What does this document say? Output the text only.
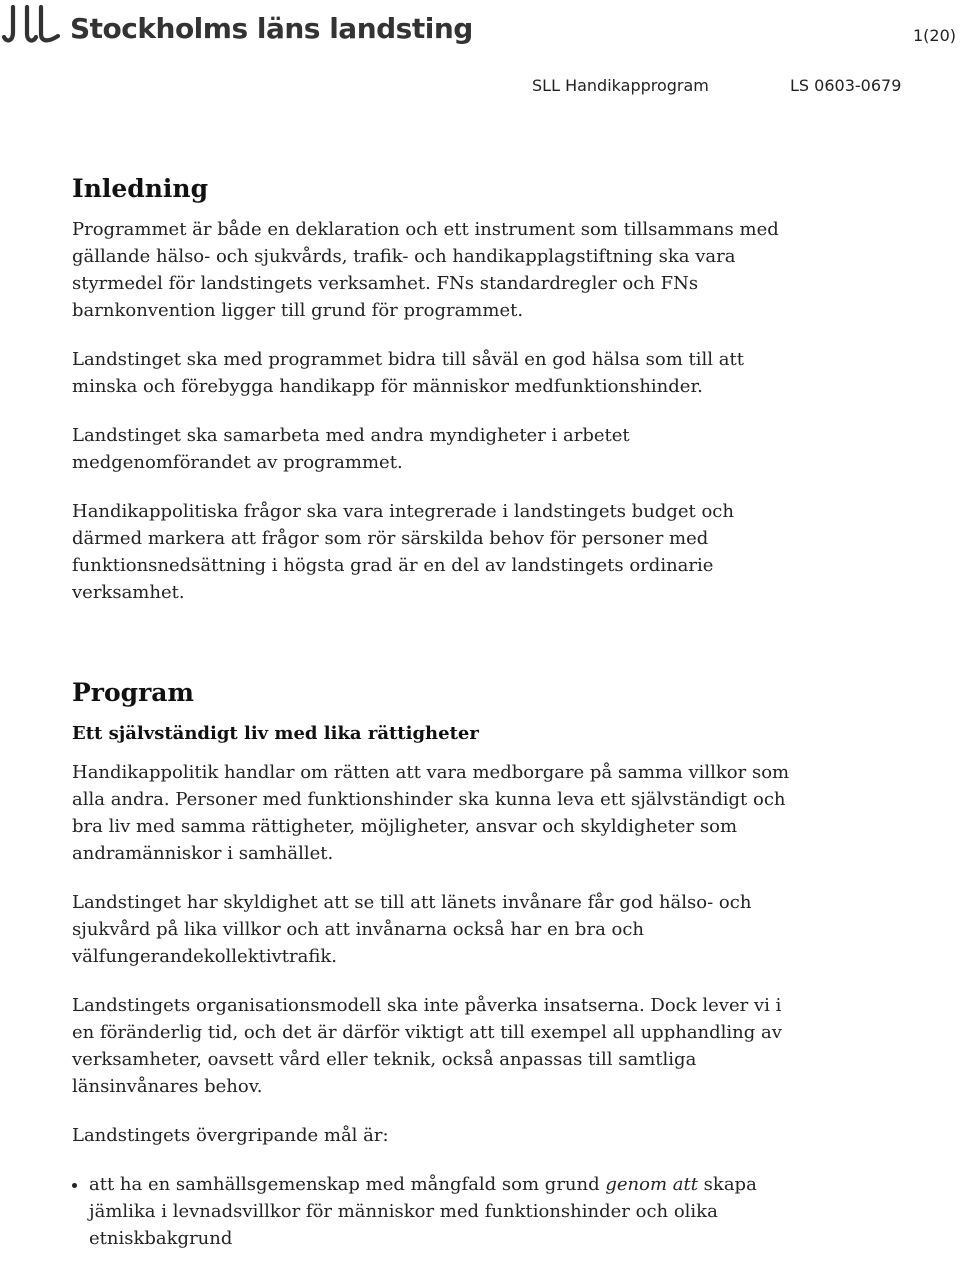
Stockholms läns landsting	1(20)
SLL Handikapprogram	LS 0603-0679
Inledning

Programmet är både en deklaration och ett instrument som tillsammans med gällande hälso- och sjukvårds, trafik- och handikapplagstiftning ska vara styrmedel för landstingets verksamhet. FNs standardregler och FNs barnkonvention ligger till grund för programmet.

Landstinget ska med programmet bidra till såväl en god hälsa som till att minska och förebygga handikapp för människor medfunktionshinder.

Landstinget ska samarbeta med andra myndigheter i arbetet medgenomförandet av programmet.

Handikappolitiska frågor ska vara integrerade i landstingets budget och därmed markera att frågor som rör särskilda behov för personer med funktionsnedsättning i högsta grad är en del av landstingets ordinarie verksamhet.

Program
Ett självständigt liv med lika rättigheter

Handikappolitik handlar om rätten att vara medborgare på samma villkor som alla andra. Personer med funktionshinder ska kunna leva ett självständigt och bra liv med samma rättigheter, möjligheter, ansvar och skyldigheter som andramänniskor i samhället.

Landstinget har skyldighet att se till att länets invånare får god hälso- och sjukvård på lika villkor och att invånarna också har en bra och välfungerandekollektivtrafik.

Landstingets organisationsmodell ska inte påverka insatserna. Dock lever vi i en föränderlig tid, och det är därför viktigt att till exempel all upphandling av verksamheter, oavsett vård eller teknik, också anpassas till samtliga länsinvånares behov.

Landstingets övergripande mål är:

• att ha en samhällsgemenskap med mångfald som grund genom att skapa jämlika i levnadsvillkor för människor med funktionshinder och olika etniskbakgrund
